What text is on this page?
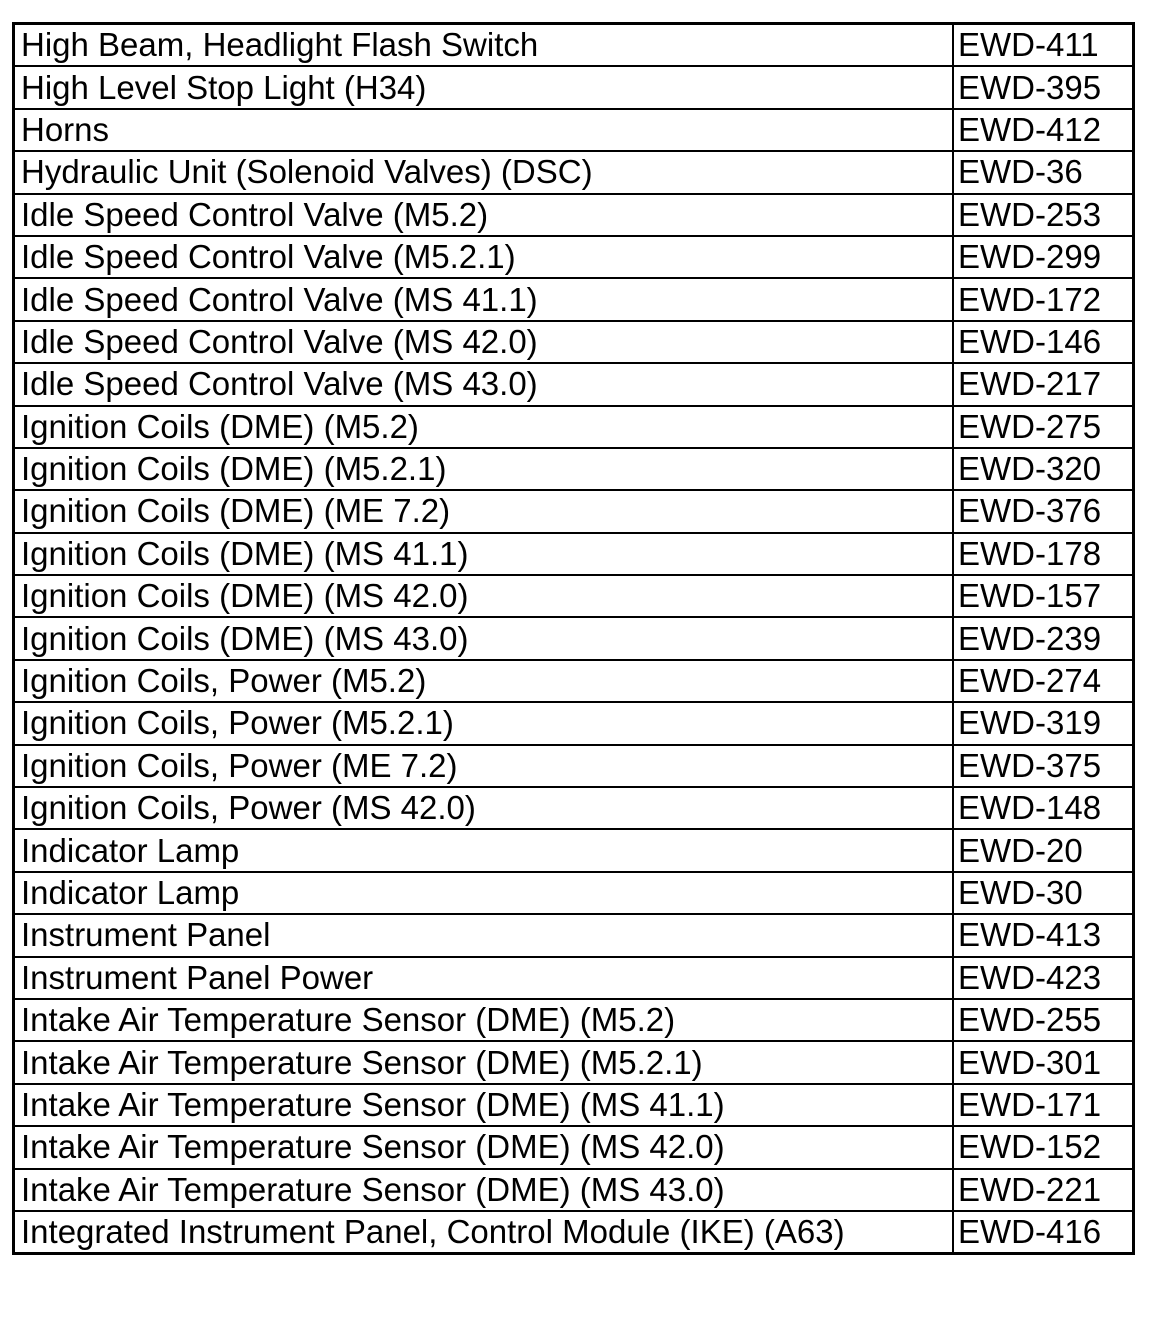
High Beam, Headlight Flash Switch	EWD-411
High Level Stop Light (H34)	EWD-395
Horns	EWD-412
Hydraulic Unit (Solenoid Valves) (DSC)	EWD-36
Idle Speed Control Valve (M5.2)	EWD-253
Idle Speed Control Valve (M5.2.1)	EWD-299
Idle Speed Control Valve (MS 41.1)	EWD-172
Idle Speed Control Valve (MS 42.0)	EWD-146
Idle Speed Control Valve (MS 43.0)	EWD-217
Ignition Coils (DME) (M5.2)	EWD-275
Ignition Coils (DME) (M5.2.1)	EWD-320
Ignition Coils (DME) (ME 7.2)	EWD-376
Ignition Coils (DME) (MS 41.1)	EWD-178
Ignition Coils (DME) (MS 42.0)	EWD-157
Ignition Coils (DME) (MS 43.0)	EWD-239
Ignition Coils, Power (M5.2)	EWD-274
Ignition Coils, Power (M5.2.1)	EWD-319
Ignition Coils, Power (ME 7.2)	EWD-375
Ignition Coils, Power (MS 42.0)	EWD-148
Indicator Lamp	EWD-20
Indicator Lamp	EWD-30
Instrument Panel	EWD-413
Instrument Panel Power	EWD-423
Intake Air Temperature Sensor (DME) (M5.2)	EWD-255
Intake Air Temperature Sensor (DME) (M5.2.1)	EWD-301
Intake Air Temperature Sensor (DME) (MS 41.1)	EWD-171
Intake Air Temperature Sensor (DME) (MS 42.0)	EWD-152
Intake Air Temperature Sensor (DME) (MS 43.0)	EWD-221
Integrated Instrument Panel, Control Module (IKE) (A63)	EWD-416
